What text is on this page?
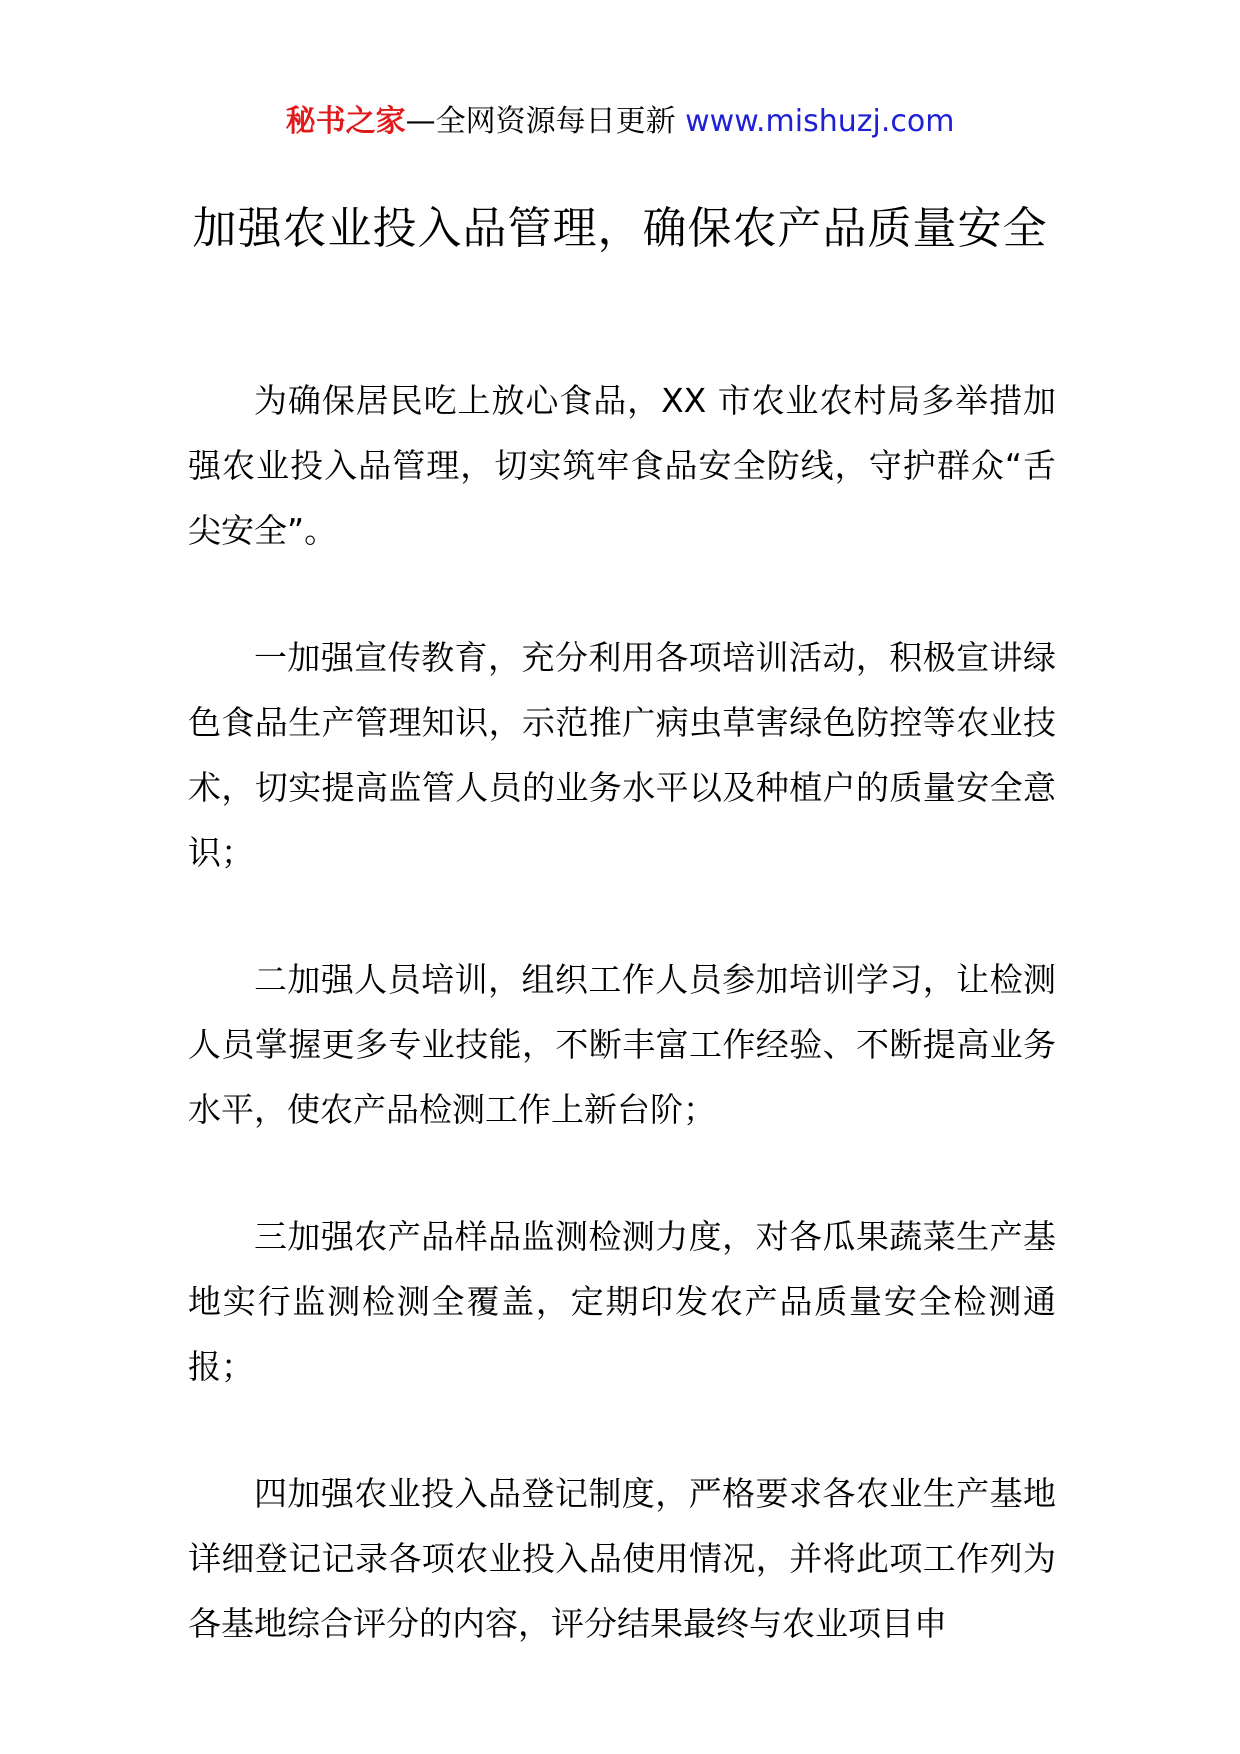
秘书之家—全网资源每日更新 www.mishuzj.com
加强农业投入品管理，确保农产品质量安全

为确保居民吃上放心食品，XX 市农业农村局多举措加强农业投入品管理，切实筑牢食品安全防线，守护群众“舌尖安全”。

一加强宣传教育，充分利用各项培训活动，积极宣讲绿色食品生产管理知识，示范推广病虫草害绿色防控等农业技术，切实提高监管人员的业务水平以及种植户的质量安全意识；

二加强人员培训，组织工作人员参加培训学习，让检测人员掌握更多专业技能，不断丰富工作经验、不断提高业务水平，使农产品检测工作上新台阶；

三加强农产品样品监测检测力度，对各瓜果蔬菜生产基地实行监测检测全覆盖，定期印发农产品质量安全检测通报；

四加强农业投入品登记制度，严格要求各农业生产基地详细登记记录各项农业投入品使用情况，并将此项工作列为各基地综合评分的内容，评分结果最终与农业项目申
